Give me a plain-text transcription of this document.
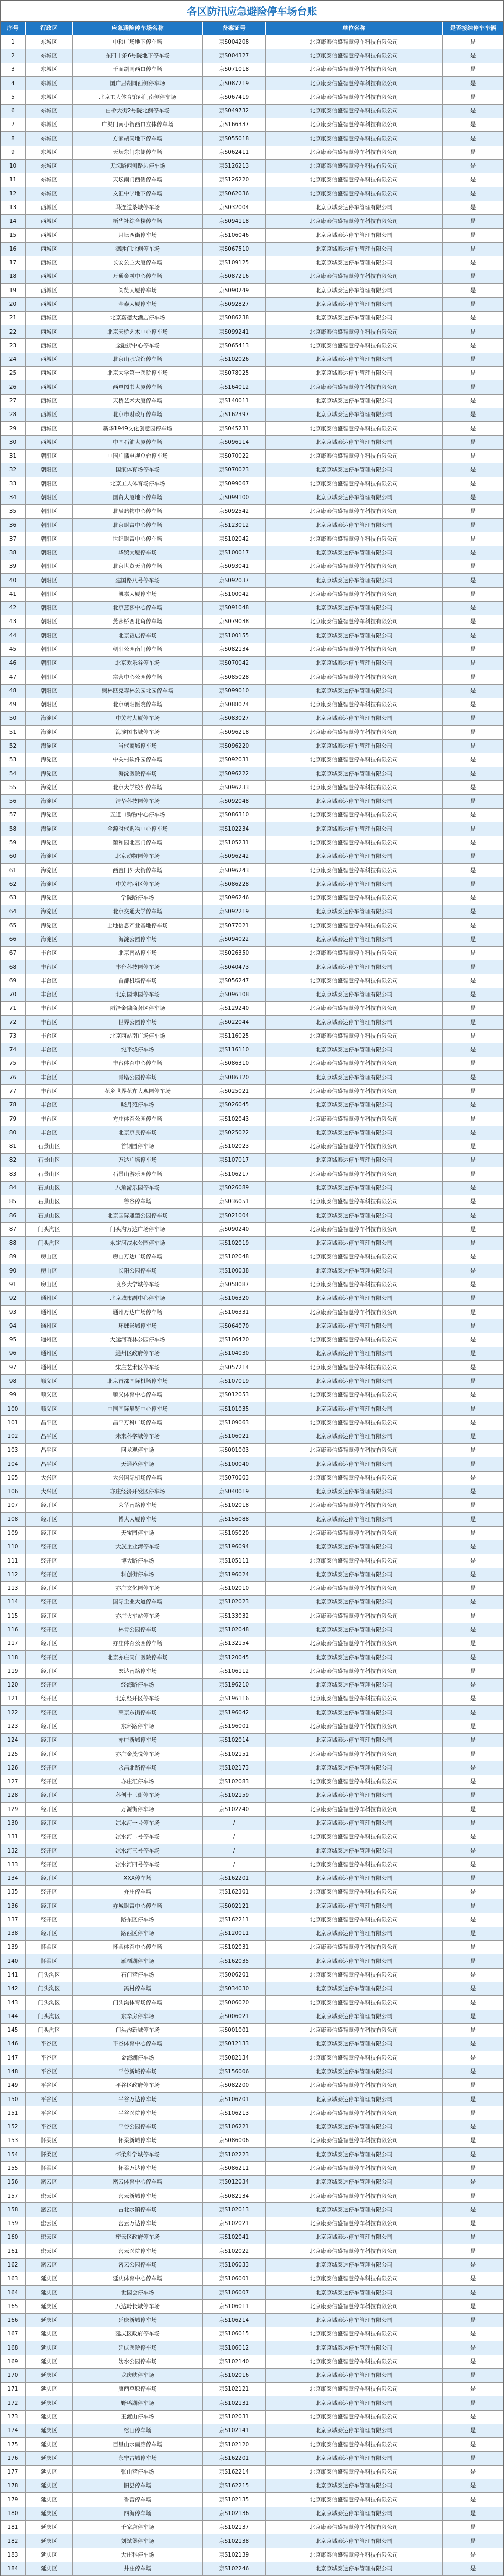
各区防汛应急避险停车场台账
序号	行政区	应急避险停车场名称	备案证号	单位名称	是否接纳停车车辆
1	东城区	中粮广场地下停车场	京S004208	北京康泰信盛智慧停车科技有限公司	是
2	东城区	东四十条6号院地下停车场	京S004327	北京康泰信盛智慧停车科技有限公司	是
3	东城区	千面胡同西口停车场	京S071018	北京康泰信盛智慧停车科技有限公司	是
4	东城区	国广居胡同西侧停车场	京S087219	北京康泰信盛智慧停车科技有限公司	是
5	东城区	北京工人体育馆西门南侧停车场	京S067419	北京康泰信盛智慧停车科技有限公司	是
6	东城区	白桥大街2号院北侧停车场	京S049732	北京康泰信盛智慧停车科技有限公司	是
7	东城区	广渠门南小街西口立体停车场	京S166337	北京康泰信盛智慧停车科技有限公司	是
8	东城区	方家胡同地下停车场	京S055018	北京康泰信盛智慧停车科技有限公司	是
9	东城区	天坛东门东侧停车场	京S062411	北京康泰信盛智慧停车科技有限公司	是
10	东城区	天坛路西侧路边停车场	京S126213	北京康泰信盛智慧停车科技有限公司	是
11	东城区	天坛南门西侧停车场	京S126220	北京康泰信盛智慧停车科技有限公司	是
12	东城区	文汇中学地下停车场	京S062036	北京康泰信盛智慧停车科技有限公司	是
13	西城区	马连道茶城停车场	京S032004	北京京城泰达停车管理有限公司	是
14	西城区	新华社综合楼停车场	京S094118	北京康泰信盛智慧停车科技有限公司	是
15	西城区	月坛西街停车场	京S106046	北京京城泰达停车管理有限公司	是
16	西城区	德胜门北侧停车场	京S067510	北京京城泰达停车管理有限公司	是
17	西城区	长安公主大厦停车场	京S109125	北京京城泰达停车管理有限公司	是
18	西城区	万通金融中心停车场	京S087216	北京康泰信盛智慧停车科技有限公司	是
19	西城区	阅览大厦停车场	京S090249	北京京城泰达停车管理有限公司	是
20	西城区	金泰大厦停车场	京S092827	北京京城泰达停车管理有限公司	是
21	西城区	北京嘉德大酒店停车场	京S086238	北京京城泰达停车管理有限公司	是
22	西城区	北京天桥艺术中心停车场	京S099241	北京康泰信盛智慧停车科技有限公司	是
23	西城区	金融街中心停车场	京S065413	北京康泰信盛智慧停车科技有限公司	是
24	西城区	北京山水宾馆停车场	京S102026	北京京城泰达停车管理有限公司	是
25	西城区	北京大学第一医院停车场	京S078025	北京京城泰达停车管理有限公司	是
26	西城区	西单图书大厦停车场	京S164012	北京康泰信盛智慧停车科技有限公司	是
27	西城区	天桥艺术大厦停车场	京S140011	北京京城泰达停车管理有限公司	是
28	西城区	北京市财政厅停车场	京S162397	北京京城泰达停车管理有限公司	是
29	西城区	新华1949文化创意园停车场	京S045231	北京康泰信盛智慧停车科技有限公司	是
30	西城区	中国石油大厦停车场	京S096114	北京京城泰达停车管理有限公司	是
31	朝阳区	中国广播电视总台停车场	京S070022	北京康泰信盛智慧停车科技有限公司	是
32	朝阳区	国家体育场停车场	京S070023	北京京城泰达停车管理有限公司	是
33	朝阳区	北京工人体育场停车场	京S099067	北京康泰信盛智慧停车科技有限公司	是
34	朝阳区	国贸大厦地下停车场	京S099100	北京京城泰达停车管理有限公司	是
35	朝阳区	北辰购物中心停车场	京S092542	北京康泰信盛智慧停车科技有限公司	是
36	朝阳区	北京财富中心停车场	京S123012	北京京城泰达停车管理有限公司	是
37	朝阳区	世纪财富中心停车场	京S102042	北京康泰信盛智慧停车科技有限公司	是
38	朝阳区	华贸大厦停车场	京S100017	北京京城泰达停车管理有限公司	是
39	朝阳区	北京世贸天阶停车场	京S093041	北京康泰信盛智慧停车科技有限公司	是
40	朝阳区	建国路八号停车场	京S092037	北京京城泰达停车管理有限公司	是
41	朝阳区	凯嘉大厦停车场	京S100042	北京康泰信盛智慧停车科技有限公司	是
42	朝阳区	北京燕莎中心停车场	京S091048	北京京城泰达停车管理有限公司	是
43	朝阳区	燕莎桥西北角停车场	京S079038	北京康泰信盛智慧停车科技有限公司	是
44	朝阳区	北京饭店停车场	京S100155	北京京城泰达停车管理有限公司	是
45	朝阳区	朝阳公园南门停车场	京S082134	北京康泰信盛智慧停车科技有限公司	是
46	朝阳区	北京欢乐谷停车场	京S070042	北京京城泰达停车管理有限公司	是
47	朝阳区	常营中心公园停车场	京S085028	北京康泰信盛智慧停车科技有限公司	是
48	朝阳区	奥林匹克森林公园北园停车场	京S099010	北京京城泰达停车管理有限公司	是
49	朝阳区	北京朝阳医院停车场	京S088074	北京康泰信盛智慧停车科技有限公司	是
50	海淀区	中关村大厦停车场	京S083027	北京京城泰达停车管理有限公司	是
51	海淀区	海淀图书城停车场	京S096218	北京康泰信盛智慧停车科技有限公司	是
52	海淀区	当代商城停车场	京S096220	北京京城泰达停车管理有限公司	是
53	海淀区	中关村软件园停车场	京S092031	北京康泰信盛智慧停车科技有限公司	是
54	海淀区	海淀医院停车场	京S096222	北京京城泰达停车管理有限公司	是
55	海淀区	北京大学校外停车场	京S096233	北京康泰信盛智慧停车科技有限公司	是
56	海淀区	清华科技园停车场	京S092048	北京京城泰达停车管理有限公司	是
57	海淀区	五道口购物中心停车场	京S086310	北京康泰信盛智慧停车科技有限公司	是
58	海淀区	金源时代购物中心停车场	京S102234	北京京城泰达停车管理有限公司	是
59	海淀区	颐和园北宫门停车场	京S105231	北京康泰信盛智慧停车科技有限公司	是
60	海淀区	北京动物园停车场	京S096242	北京京城泰达停车管理有限公司	是
61	海淀区	西直门外大街停车场	京S096243	北京康泰信盛智慧停车科技有限公司	是
62	海淀区	中关村西区停车场	京S086228	北京京城泰达停车管理有限公司	是
63	海淀区	学院路停车场	京S096246	北京康泰信盛智慧停车科技有限公司	是
64	海淀区	北京交通大学停车场	京S092219	北京京城泰达停车管理有限公司	是
65	海淀区	上地信息产业基地停车场	京S077021	北京康泰信盛智慧停车科技有限公司	是
66	海淀区	海淀公园停车场	京S094022	北京京城泰达停车管理有限公司	是
67	丰台区	北京南站停车场	京S026350	北京康泰信盛智慧停车科技有限公司	是
68	丰台区	丰台科技园停车场	京S040473	北京京城泰达停车管理有限公司	是
69	丰台区	首都机场停车场	京S056247	北京康泰信盛智慧停车科技有限公司	是
70	丰台区	北京园博园停车场	京S096108	北京京城泰达停车管理有限公司	是
71	丰台区	丽泽金融商务区停车场	京S129240	北京康泰信盛智慧停车科技有限公司	是
72	丰台区	世界公园停车场	京S022044	北京京城泰达停车管理有限公司	是
73	丰台区	北京西站南广场停车场	京S116025	北京康泰信盛智慧停车科技有限公司	是
74	丰台区	宛平城停车场	京S116110	北京京城泰达停车管理有限公司	是
75	丰台区	丰台体育中心停车场	京S086310	北京康泰信盛智慧停车科技有限公司	是
76	丰台区	青塔公园停车场	京S086320	北京京城泰达停车管理有限公司	是
77	丰台区	花乡世界花卉大观园停车场	京S025021	北京康泰信盛智慧停车科技有限公司	是
78	丰台区	晓月苑停车场	京S026045	北京京城泰达停车管理有限公司	是
79	丰台区	方庄体育公园停车场	京S102043	北京康泰信盛智慧停车科技有限公司	是
80	丰台区	北京京良停车场	京S025022	北京京城泰达停车管理有限公司	是
81	石景山区	首钢园停车场	京S102023	北京康泰信盛智慧停车科技有限公司	是
82	石景山区	万达广场停车场	京S107017	北京京城泰达停车管理有限公司	是
83	石景山区	石景山游乐园停车场	京S106217	北京康泰信盛智慧停车科技有限公司	是
84	石景山区	八角游乐园停车场	京S026089	北京京城泰达停车管理有限公司	是
85	石景山区	鲁谷停车场	京S036051	北京康泰信盛智慧停车科技有限公司	是
86	石景山区	北京国际雕塑公园停车场	京S021004	北京京城泰达停车管理有限公司	是
87	门头沟区	门头沟万达广场停车场	京S090240	北京康泰信盛智慧停车科技有限公司	是
88	门头沟区	永定河滨水公园停车场	京S102019	北京京城泰达停车管理有限公司	是
89	房山区	房山万达广场停车场	京S102048	北京康泰信盛智慧停车科技有限公司	是
90	房山区	长阳公园停车场	京S100038	北京京城泰达停车管理有限公司	是
91	房山区	良乡大学城停车场	京S058087	北京康泰信盛智慧停车科技有限公司	是
92	通州区	北京城市副中心停车场	京S106320	北京京城泰达停车管理有限公司	是
93	通州区	通州万达广场停车场	京S106331	北京康泰信盛智慧停车科技有限公司	是
94	通州区	环球影城停车场	京S064070	北京京城泰达停车管理有限公司	是
95	通州区	大运河森林公园停车场	京S106420	北京康泰信盛智慧停车科技有限公司	是
96	通州区	通州区政府停车场	京S104030	北京京城泰达停车管理有限公司	是
97	通州区	宋庄艺术区停车场	京S057214	北京康泰信盛智慧停车科技有限公司	是
98	顺义区	北京首都国际机场停车场	京S107019	北京京城泰达停车管理有限公司	是
99	顺义区	顺义体育中心停车场	京S012053	北京康泰信盛智慧停车科技有限公司	是
100	顺义区	中国国际展览中心停车场	京S101035	北京京城泰达停车管理有限公司	是
101	昌平区	昌平万科广场停车场	京S109063	北京康泰信盛智慧停车科技有限公司	是
102	昌平区	未来科学城停车场	京S106021	北京京城泰达停车管理有限公司	是
103	昌平区	回龙观停车场	京S001003	北京康泰信盛智慧停车科技有限公司	是
104	昌平区	天通苑停车场	京S100040	北京京城泰达停车管理有限公司	是
105	大兴区	大兴国际机场停车场	京S070003	北京康泰信盛智慧停车科技有限公司	是
106	大兴区	亦庄经济开发区停车场	京S040019	北京京城泰达停车管理有限公司	是
107	经开区	荣华南路停车场	京S102018	北京康泰信盛智慧停车科技有限公司	是
108	经开区	博大大厦停车场	京S156088	北京京城泰达停车管理有限公司	是
109	经开区	天宝园停车场	京S105020	北京康泰信盛智慧停车科技有限公司	是
110	经开区	大族企业湾停车场	京S196094	北京京城泰达停车管理有限公司	是
111	经开区	博大路停车场	京S105111	北京康泰信盛智慧停车科技有限公司	是
112	经开区	科创街停车场	京S196024	北京京城泰达停车管理有限公司	是
113	经开区	亦庄文化园停车场	京S102010	北京康泰信盛智慧停车科技有限公司	是
114	经开区	国际企业大道停车场	京S102023	北京京城泰达停车管理有限公司	是
115	经开区	亦庄火车站停车场	京S133032	北京康泰信盛智慧停车科技有限公司	是
116	经开区	林肯公园停车场	京S102048	北京京城泰达停车管理有限公司	是
117	经开区	亦庄体育公园停车场	京S132154	北京康泰信盛智慧停车科技有限公司	是
118	经开区	北京亦庄同仁医院停车场	京S120045	北京京城泰达停车管理有限公司	是
119	经开区	宏达南路停车场	京S106112	北京康泰信盛智慧停车科技有限公司	是
120	经开区	经海路停车场	京S196210	北京京城泰达停车管理有限公司	是
121	经开区	北京经开区停车场	京S196116	北京康泰信盛智慧停车科技有限公司	是
122	经开区	荣京东街停车场	京S196042	北京京城泰达停车管理有限公司	是
123	经开区	东环路停车场	京S196001	北京康泰信盛智慧停车科技有限公司	是
124	经开区	亦庄新城停车场	京S102014	北京京城泰达停车管理有限公司	是
125	经开区	亦庄金茂悦停车场	京S102151	北京康泰信盛智慧停车科技有限公司	是
126	经开区	永昌北路停车场	京S102173	北京京城泰达停车管理有限公司	是
127	经开区	亦庄汇停车场	京S102083	北京康泰信盛智慧停车科技有限公司	是
128	经开区	科创十三街停车场	京S102159	北京京城泰达停车管理有限公司	是
129	经开区	万源街停车场	京S102240	北京康泰信盛智慧停车科技有限公司	是
130	经开区	凉水河一号停车场	/	北京京城泰达停车管理有限公司	是
131	经开区	凉水河二号停车场	/	北京康泰信盛智慧停车科技有限公司	是
132	经开区	凉水河三号停车场	/	北京京城泰达停车管理有限公司	是
133	经开区	凉水河四号停车场	/	北京康泰信盛智慧停车科技有限公司	是
134	经开区	XXX停车场	京S162201	北京京城泰达停车管理有限公司	是
135	经开区	亦庄停车场	京S162301	北京康泰信盛智慧停车科技有限公司	是
136	经开区	亦城财富中心停车场	京S002121	北京京城泰达停车管理有限公司	是
137	经开区	路东区停车场	京S162211	北京康泰信盛智慧停车科技有限公司	是
138	经开区	路西区停车场	京S120011	北京京城泰达停车管理有限公司	是
139	怀柔区	怀柔体育中心停车场	京S102031	北京康泰信盛智慧停车科技有限公司	是
140	怀柔区	雁栖湖停车场	京S162035	北京京城泰达停车管理有限公司	是
141	门头沟区	石门营停车场	京S006201	北京康泰信盛智慧停车科技有限公司	是
142	门头沟区	冯村停车场	京S034030	北京京城泰达停车管理有限公司	是
143	门头沟区	门头沟体育场停车场	京S006020	北京康泰信盛智慧停车科技有限公司	是
144	门头沟区	东辛房停车场	京S006021	北京京城泰达停车管理有限公司	是
145	门头沟区	门头沟新城停车场	京S001001	北京康泰信盛智慧停车科技有限公司	是
146	平谷区	平谷体育中心停车场	京S012133	北京京城泰达停车管理有限公司	是
147	平谷区	金海湖停车场	京S082134	北京康泰信盛智慧停车科技有限公司	是
148	平谷区	平谷新城停车场	京S156006	北京京城泰达停车管理有限公司	是
149	平谷区	平谷区政府停车场	京S082200	北京康泰信盛智慧停车科技有限公司	是
150	平谷区	平谷万达停车场	京S106201	北京京城泰达停车管理有限公司	是
151	平谷区	平谷医院停车场	京S106213	北京康泰信盛智慧停车科技有限公司	是
152	平谷区	平谷公园停车场	京S106221	北京京城泰达停车管理有限公司	是
153	怀柔区	怀柔新城停车场	京S086006	北京康泰信盛智慧停车科技有限公司	是
154	怀柔区	怀柔科学城停车场	京S102223	北京京城泰达停车管理有限公司	是
155	怀柔区	怀柔万达停车场	京S086211	北京康泰信盛智慧停车科技有限公司	是
156	密云区	密云体育中心停车场	京S012034	北京京城泰达停车管理有限公司	是
157	密云区	密云新城停车场	京S082134	北京康泰信盛智慧停车科技有限公司	是
158	密云区	古北水镇停车场	京S102013	北京京城泰达停车管理有限公司	是
159	密云区	密云万达停车场	京S102021	北京康泰信盛智慧停车科技有限公司	是
160	密云区	密云区政府停车场	京S102041	北京京城泰达停车管理有限公司	是
161	密云区	密云医院停车场	京S102022	北京康泰信盛智慧停车科技有限公司	是
162	密云区	密云公园停车场	京S106033	北京京城泰达停车管理有限公司	是
163	延庆区	延庆体育中心停车场	京S106001	北京康泰信盛智慧停车科技有限公司	是
164	延庆区	世园会停车场	京S106007	北京京城泰达停车管理有限公司	是
165	延庆区	八达岭长城停车场	京S106011	北京康泰信盛智慧停车科技有限公司	是
166	延庆区	延庆新城停车场	京S106214	北京京城泰达停车管理有限公司	是
167	延庆区	延庆区政府停车场	京S106015	北京康泰信盛智慧停车科技有限公司	是
168	延庆区	延庆医院停车场	京S106012	北京京城泰达停车管理有限公司	是
169	延庆区	妫水公园停车场	京S102140	北京康泰信盛智慧停车科技有限公司	是
170	延庆区	龙庆峡停车场	京S102016	北京京城泰达停车管理有限公司	是
171	延庆区	康西草原停车场	京S102121	北京康泰信盛智慧停车科技有限公司	是
172	延庆区	野鸭湖停车场	京S102131	北京京城泰达停车管理有限公司	是
173	延庆区	玉渡山停车场	京S102031	北京康泰信盛智慧停车科技有限公司	是
174	延庆区	松山停车场	京S102141	北京京城泰达停车管理有限公司	是
175	延庆区	百里山水画廊停车场	京S102120	北京康泰信盛智慧停车科技有限公司	是
176	延庆区	永宁古城停车场	京S162201	北京京城泰达停车管理有限公司	是
177	延庆区	张山营停车场	京S162214	北京康泰信盛智慧停车科技有限公司	是
178	延庆区	旧县停车场	京S162215	北京京城泰达停车管理有限公司	是
179	延庆区	香营停车场	京S102135	北京康泰信盛智慧停车科技有限公司	是
180	延庆区	四海停车场	京S102136	北京京城泰达停车管理有限公司	是
181	延庆区	千家店停车场	京S102137	北京康泰信盛智慧停车科技有限公司	是
182	延庆区	刘斌堡停车场	京S102138	北京京城泰达停车管理有限公司	是
183	延庆区	大庄科停车场	京S102139	北京康泰信盛智慧停车科技有限公司	是
184	延庆区	井庄停车场	京S102246	北京京城泰达停车管理有限公司	是
